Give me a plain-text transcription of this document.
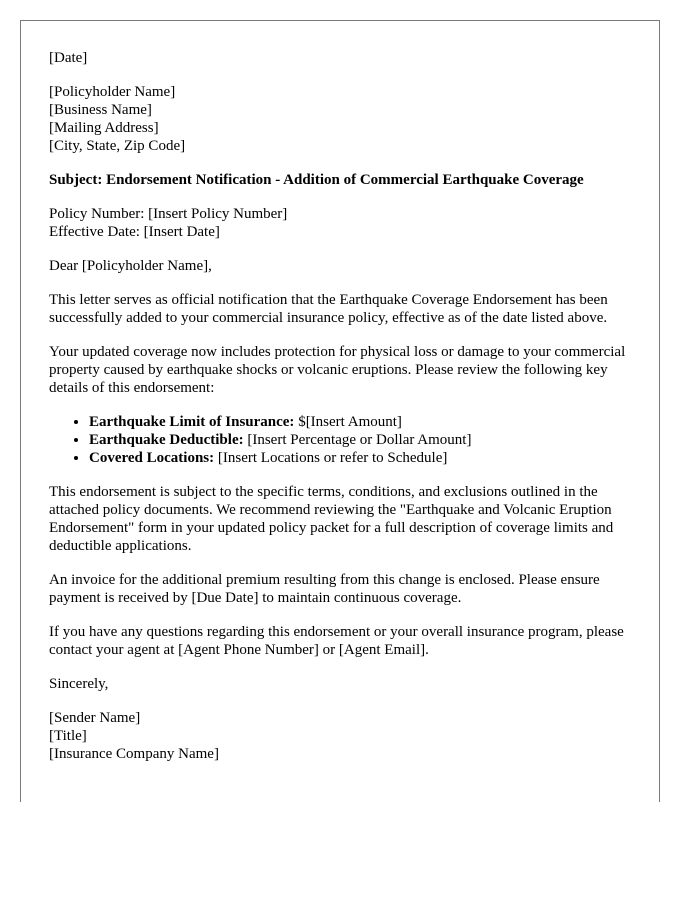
[Date]
[Policyholder Name]
[Business Name]
[Mailing Address]
[City, State, Zip Code]
Subject: Endorsement Notification - Addition of Commercial Earthquake Coverage
Policy Number: [Insert Policy Number]
Effective Date: [Insert Date]

Dear [Policyholder Name],

This letter serves as official notification that the Earthquake Coverage Endorsement has been successfully added to your commercial insurance policy, effective as of the date listed above.

Your updated coverage now includes protection for physical loss or damage to your commercial property caused by earthquake shocks or volcanic eruptions. Please review the following key details of this endorsement:

• Earthquake Limit of Insurance: $[Insert Amount]
• Earthquake Deductible: [Insert Percentage or Dollar Amount]
• Covered Locations: [Insert Locations or refer to Schedule]

This endorsement is subject to the specific terms, conditions, and exclusions outlined in the attached policy documents. We recommend reviewing the "Earthquake and Volcanic Eruption Endorsement" form in your updated policy packet for a full description of coverage limits and deductible applications.

An invoice for the additional premium resulting from this change is enclosed. Please ensure payment is received by [Due Date] to maintain continuous coverage.

If you have any questions regarding this endorsement or your overall insurance program, please contact your agent at [Agent Phone Number] or [Agent Email].

Sincerely,

[Sender Name]
[Title]
[Insurance Company Name]
